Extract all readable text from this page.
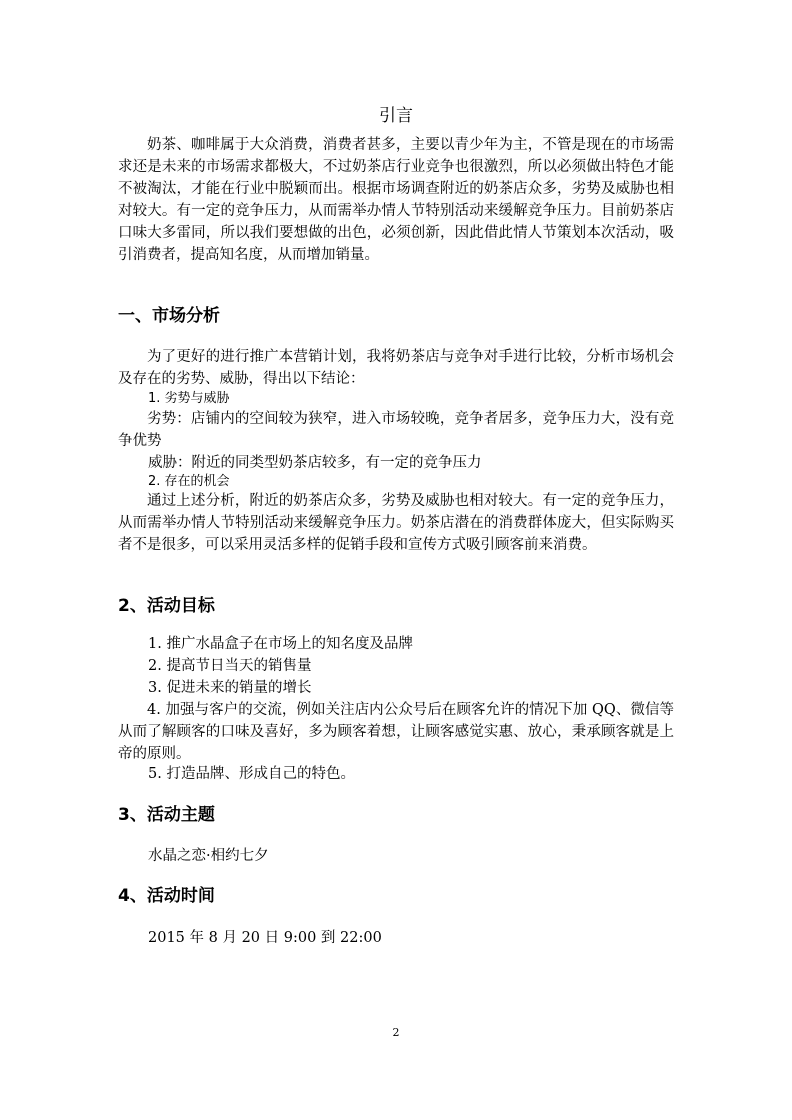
引言

奶茶、咖啡属于大众消费，消费者甚多，主要以青少年为主，不管是现在的市场需求还是未来的市场需求都极大，不过奶茶店行业竞争也很激烈，所以必须做出特色才能不被淘汰，才能在行业中脱颖而出。根据市场调查附近的奶茶店众多，劣势及威胁也相对较大。有一定的竞争压力，从而需举办情人节特别活动来缓解竞争压力。目前奶茶店口味大多雷同，所以我们要想做的出色，必须创新，因此借此情人节策划本次活动，吸引消费者，提高知名度，从而增加销量。

一、市场分析

为了更好的进行推广本营销计划，我将奶茶店与竞争对手进行比较，分析市场机会及存在的劣势、威胁，得出以下结论：

1. 劣势与威胁

劣势：店铺内的空间较为狭窄，进入市场较晚，竞争者居多，竞争压力大，没有竞争优势

威胁：附近的同类型奶茶店较多，有一定的竞争压力
2. 存在的机会

通过上述分析，附近的奶茶店众多，劣势及威胁也相对较大。有一定的竞争压力，从而需举办情人节特别活动来缓解竞争压力。奶茶店潜在的消费群体庞大，但实际购买者不是很多，可以采用灵活多样的促销手段和宣传方式吸引顾客前来消费。

2、活动目标
1. 推广水晶盒子在市场上的知名度及品牌
2. 提高节日当天的销售量
3. 促进未来的销量的增长

4. 加强与客户的交流，例如关注店内公众号后在顾客允许的情况下加 QQ、微信等从而了解顾客的口味及喜好，多为顾客着想，让顾客感觉实惠、放心，秉承顾客就是上帝的原则。

5. 打造品牌、形成自己的特色。
3、活动主题
水晶之恋·相约七夕
4、活动时间
2015 年 8 月 20 日 9:00 到 22:00
2
